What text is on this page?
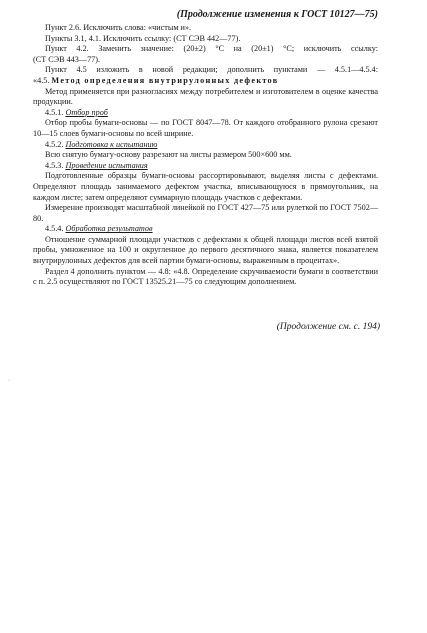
(Продолжение изменения к ГОСТ 10127—75)

Пункт 2.6. Исключить слова: «чистым и».

Пункты 3.1, 4.1. Исключить ссылку: (СТ СЭВ 442—77).

Пункт 4.2. Заменить значение: (20±2) °С на (20±1) °С; исключить ссылку:

(СТ СЭВ 443—77).

Пункт 4.5 изложить в новой редакции; дополнить пунктами — 4.5.1—4.5.4:

«4.5. Метод определения внутрирулонных дефектов

Метод применяется при разногласиях между потребителем и изготовителем в оценке качества продукции.

4.5.1. Отбор проб

Отбор пробы бумаги-основы — по ГОСТ 8047—78. От каждого отобранного рулона срезают 10—15 слоев бумаги-основы по всей ширине.

4.5.2. Подготовка к испытанию

Всю снятую бумагу-основу разрезают на листы размером 500×600 мм.

4.5.3. Проведение испытания

Подготовленные образцы бумаги-основы рассортировывают, выделяя листы с дефектами. Определяют площадь занимаемого дефектом участка, вписывающуюся в прямоугольник, на каждом листе; затем определяют суммарную площадь участков с дефектами.

Измерение производят масштабной линейкой по ГОСТ 427—75 или рулеткой по ГОСТ 7502—80.

4.5.4. Обработка результатов

Отношение суммарной площади участков с дефектами к общей площади листов всей взятой пробы, умноженное на 100 и округленное до первого десятичного знака, является показателем внутрирулонных дефектов для всей партии бумаги-основы, выраженным в процентах».

Раздел 4 дополнить пунктом — 4.8: «4.8. Определение скручиваемости бумаги в соответствии с п. 2.5 осуществляют по ГОСТ 13525.21—75 со следующим дополнением.

(Продолжение см. с. 194)
·
